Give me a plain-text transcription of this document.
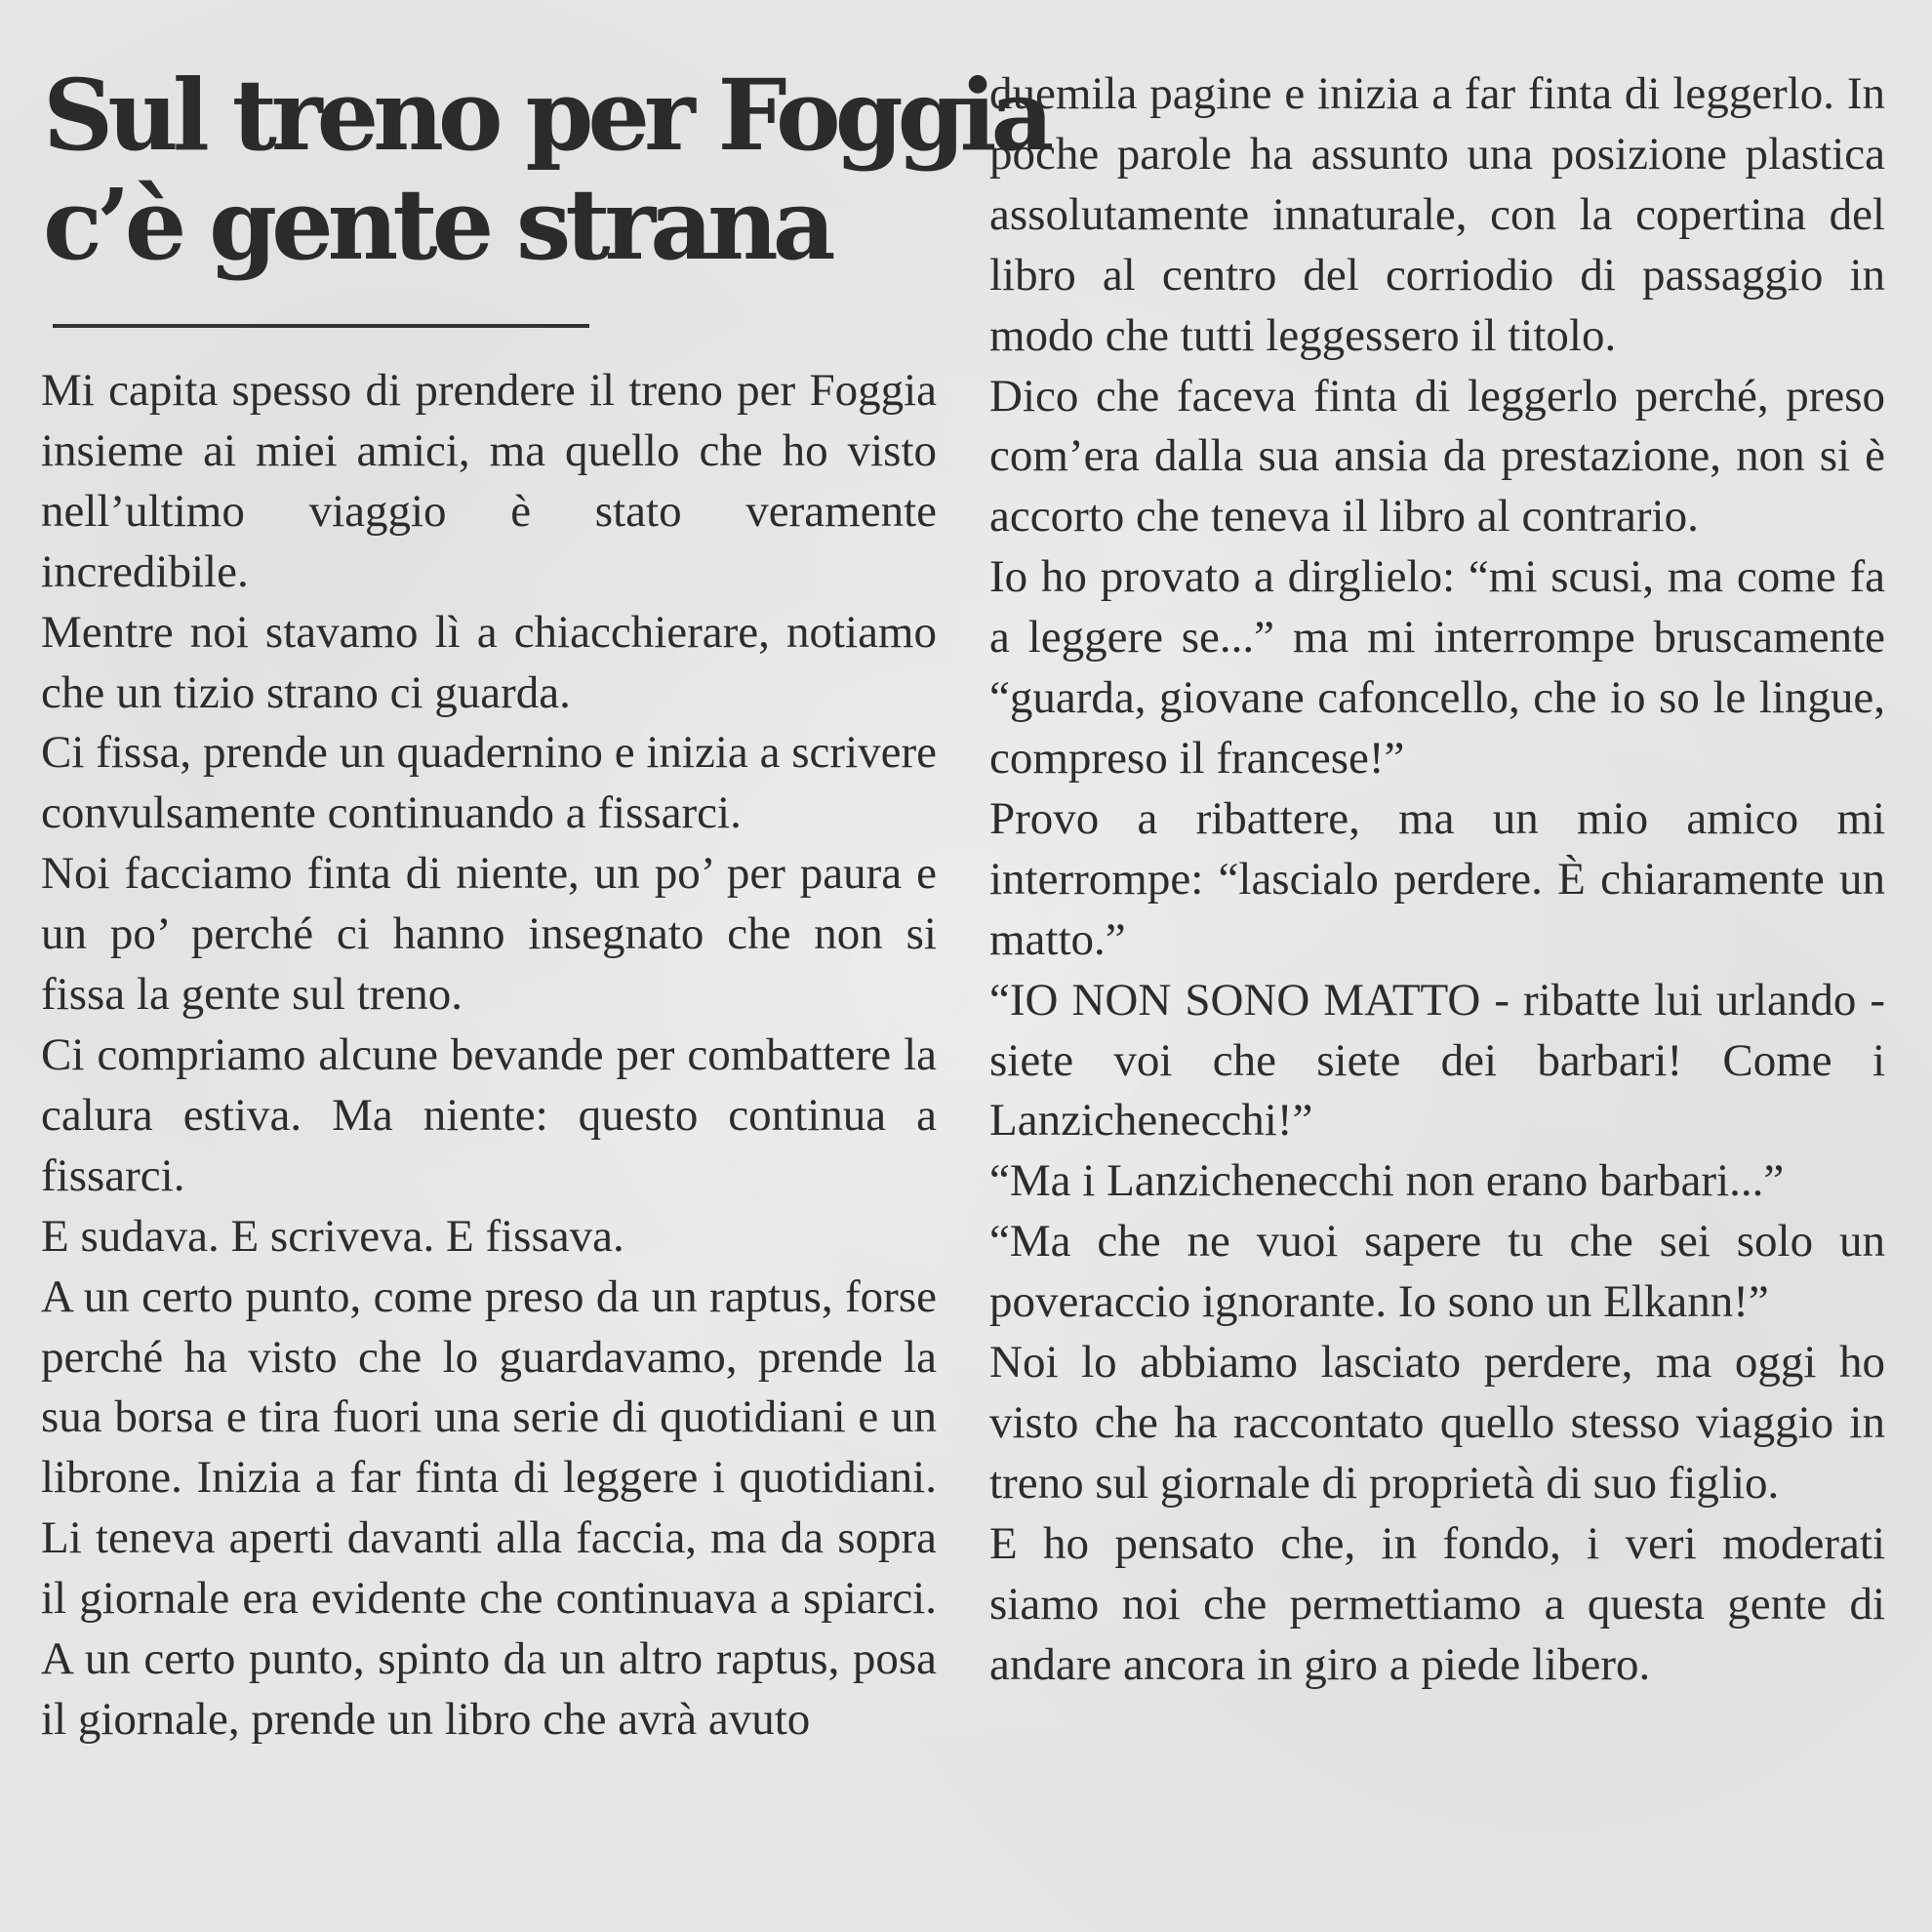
Sul treno per Foggia
c’è gente strana

Mi capita spesso di prendere il treno per Foggia insieme ai miei amici, ma quello che ho visto nell’ultimo viaggio è stato veramente incredibile.

Mentre noi stavamo lì a chiacchierare, notiamo che un tizio strano ci guarda.

Ci fissa, prende un quadernino e inizia a scrivere convulsamente continuando a fissarci.

Noi facciamo finta di niente, un po’ per paura e un po’ perché ci hanno insegnato che non si fissa la gente sul treno.

Ci compriamo alcune bevande per combattere la calura estiva. Ma niente: questo continua a fissarci.

E sudava. E scriveva. E fissava.

A un certo punto, come preso da un raptus, forse perché ha visto che lo guardavamo, prende la sua borsa e tira fuori una serie di quotidiani e un librone. Inizia a far finta di leggere i quotidiani. Li teneva aperti davanti alla faccia, ma da sopra il giornale era evidente che continuava a spiarci. A un certo punto, spinto da un altro raptus, posa il giornale, prende un libro che avrà avuto

duemila pagine e inizia a far finta di leggerlo. In poche parole ha assunto una posizione plastica assolutamente innaturale, con la copertina del libro al centro del corriodio di passaggio in modo che tutti leggessero il titolo.

Dico che faceva finta di leggerlo perché, preso com’era dalla sua ansia da prestazione, non si è accorto che teneva il libro al contrario.

Io ho provato a dirglielo: “mi scusi, ma come fa a leggere se...” ma mi interrompe bruscamente “guarda, giovane cafoncello, che io so le lingue, compreso il francese!”

Provo a ribattere, ma un mio amico mi interrompe: “lascialo perdere. È chiaramente un matto.”

“IO NON SONO MATTO - ribatte lui urlando - siete voi che siete dei barbari! Come i Lanzichenecchi!”

“Ma i Lanzichenecchi non erano barbari...”

“Ma che ne vuoi sapere tu che sei solo un poveraccio ignorante. Io sono un Elkann!”

Noi lo abbiamo lasciato perdere, ma oggi ho visto che ha raccontato quello stesso viaggio in treno sul giornale di proprietà di suo figlio.

E ho pensato che, in fondo, i veri moderati siamo noi che permettiamo a questa gente di andare ancora in giro a piede libero.
